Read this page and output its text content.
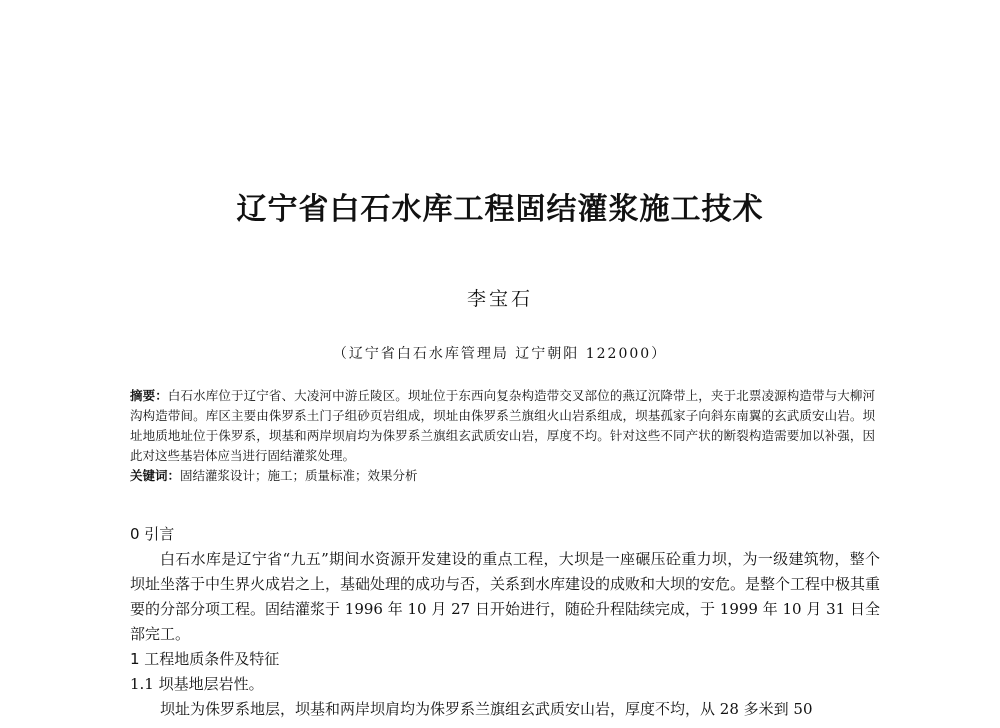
辽宁省白石水库工程固结灌浆施工技术
李宝石
（辽宁省白石水库管理局 辽宁朝阳 122000）

摘要：白石水库位于辽宁省、大凌河中游丘陵区。坝址位于东西向复杂构造带交叉部位的燕辽沉降带上，夹于北票凌源构造带与大柳河沟构造带间。库区主要由侏罗系土门子组砂页岩组成，坝址由侏罗系兰旗组火山岩系组成，坝基孤家子向斜东南翼的玄武质安山岩。坝址地质地址位于侏罗系，坝基和两岸坝肩均为侏罗系兰旗组玄武质安山岩，厚度不均。针对这些不同产状的断裂构造需要加以补强，因此对这些基岩体应当进行固结灌浆处理。

关键词：固结灌浆设计；施工；质量标准；效果分析

0 引言

白石水库是辽宁省“九五”期间水资源开发建设的重点工程，大坝是一座碾压砼重力坝，为一级建筑物，整个坝址坐落于中生界火成岩之上，基础处理的成功与否，关系到水库建设的成败和大坝的安危。是整个工程中极其重要的分部分项工程。固结灌浆于 1996 年 10 月 27 日开始进行，随砼升程陆续完成，于 1999 年 10 月 31 日全部完工。

1 工程地质条件及特征
1.1 坝基地层岩性。

坝址为侏罗系地层，坝基和两岸坝肩均为侏罗系兰旗组玄武质安山岩，厚度不均，从 28 多米到 50
